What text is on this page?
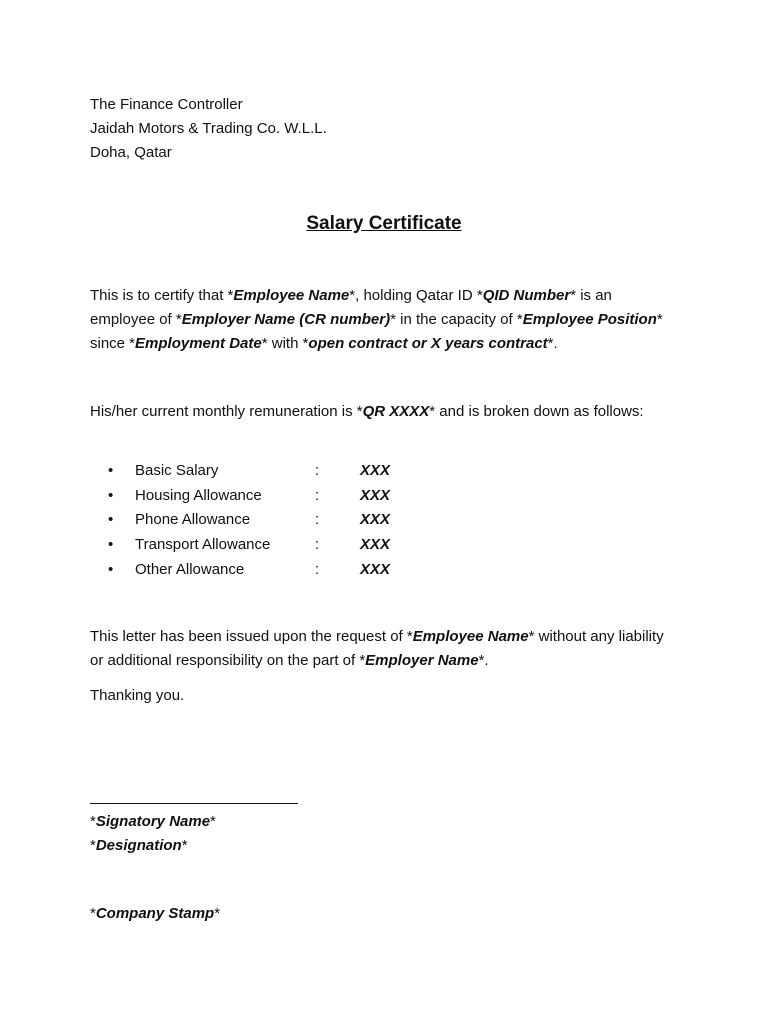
The Finance Controller
Jaidah Motors & Trading Co. W.L.L.
Doha, Qatar
Salary Certificate
This is to certify that *Employee Name*, holding Qatar ID *QID Number* is an employee of *Employer Name (CR number)* in the capacity of *Employee Position* since *Employment Date* with *open contract or X years contract*.
His/her current monthly remuneration is *QR XXXX* and is broken down as follows:
• Basic Salary	:	XXX
• Housing Allowance	:	XXX
• Phone Allowance	:	XXX
• Transport Allowance	:	XXX
• Other Allowance	:	XXX
This letter has been issued upon the request of *Employee Name* without any liability or additional responsibility on the part of *Employer Name*.
Thanking you.
*Signatory Name*
*Designation*
*Company Stamp*
